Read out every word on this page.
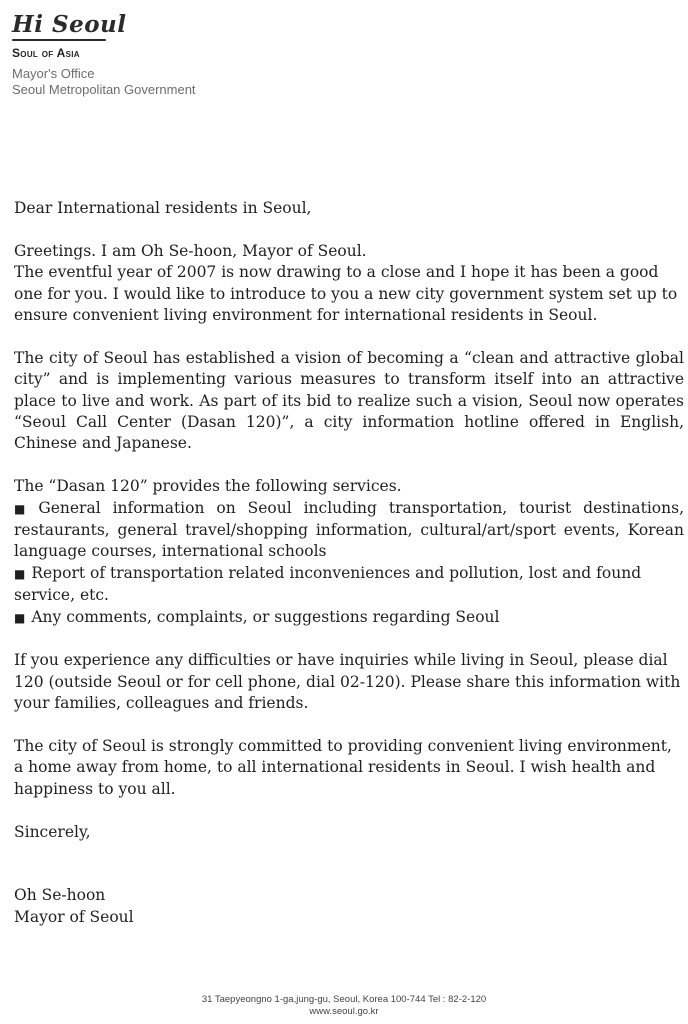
Hi Seoul
Soul of Asia
Mayor's Office
Seoul Metropolitan Government

Dear International residents in Seoul,

Greetings. I am Oh Se-hoon, Mayor of Seoul.

The eventful year of 2007 is now drawing to a close and I hope it has been a good one for you. I would like to introduce to you a new city government system set up to ensure convenient living environment for international residents in Seoul.

The city of Seoul has established a vision of becoming a “clean and attractive global city” and is implementing various measures to transform itself into an attractive place to live and work. As part of its bid to realize such a vision, Seoul now operates “Seoul Call Center (Dasan 120)”, a city information hotline offered in English, Chinese and Japanese.

The “Dasan 120” provides the following services.

■ General information on Seoul including transportation, tourist destinations, restaurants, general travel/shopping information, cultural/art/sport events, Korean language courses, international schools

■ Report of transportation related inconveniences and pollution, lost and found service, etc.

■ Any comments, complaints, or suggestions regarding Seoul

If you experience any difficulties or have inquiries while living in Seoul, please dial 120 (outside Seoul or for cell phone, dial 02-120). Please share this information with your families, colleagues and friends.

The city of Seoul is strongly committed to providing convenient living environment, a home away from home, to all international residents in Seoul. I wish health and happiness to you all.

Sincerely,

Oh Se-hoon

Mayor of Seoul

31 Taepyeongno 1-ga,jung-gu, Seoul, Korea 100-744 Tel : 82-2-120
www.seoul.go.kr
